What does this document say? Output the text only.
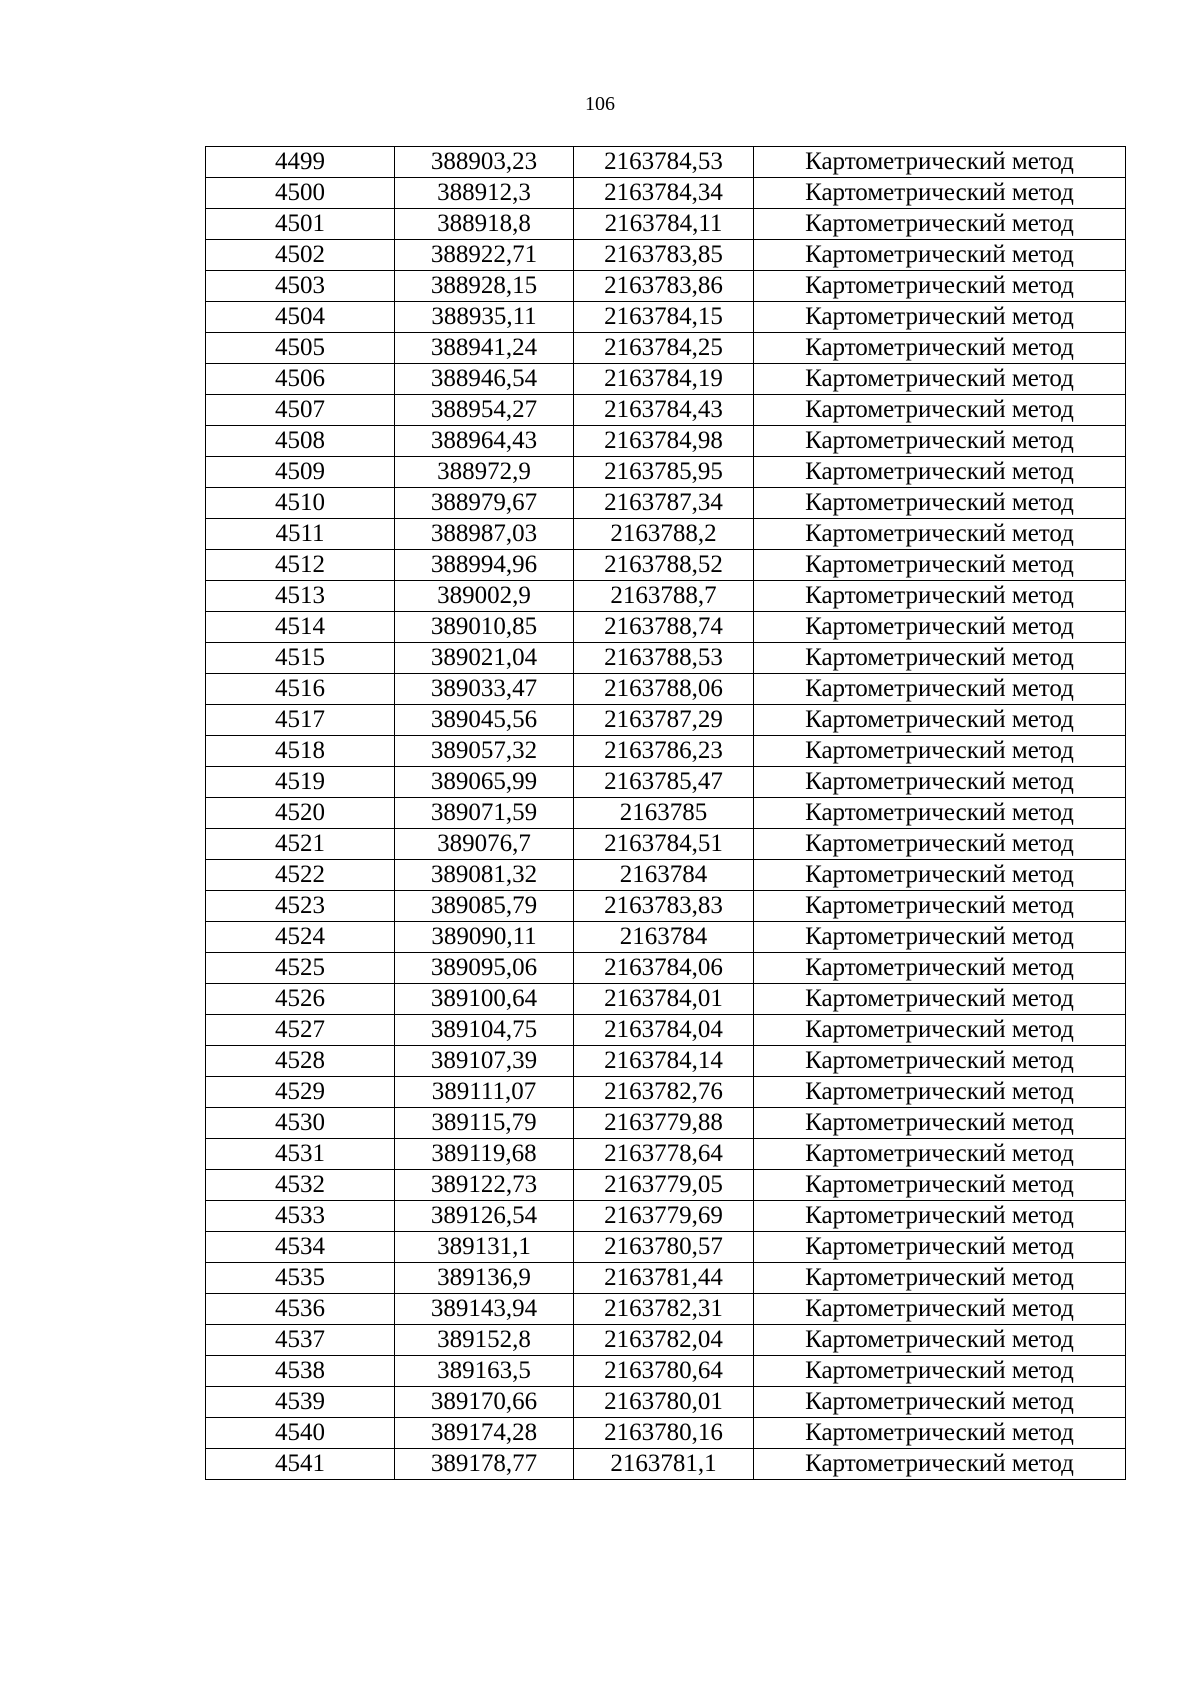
106
4499	388903,23	2163784,53	Картометрический метод
4500	388912,3	2163784,34	Картометрический метод
4501	388918,8	2163784,11	Картометрический метод
4502	388922,71	2163783,85	Картометрический метод
4503	388928,15	2163783,86	Картометрический метод
4504	388935,11	2163784,15	Картометрический метод
4505	388941,24	2163784,25	Картометрический метод
4506	388946,54	2163784,19	Картометрический метод
4507	388954,27	2163784,43	Картометрический метод
4508	388964,43	2163784,98	Картометрический метод
4509	388972,9	2163785,95	Картометрический метод
4510	388979,67	2163787,34	Картометрический метод
4511	388987,03	2163788,2	Картометрический метод
4512	388994,96	2163788,52	Картометрический метод
4513	389002,9	2163788,7	Картометрический метод
4514	389010,85	2163788,74	Картометрический метод
4515	389021,04	2163788,53	Картометрический метод
4516	389033,47	2163788,06	Картометрический метод
4517	389045,56	2163787,29	Картометрический метод
4518	389057,32	2163786,23	Картометрический метод
4519	389065,99	2163785,47	Картометрический метод
4520	389071,59	2163785	Картометрический метод
4521	389076,7	2163784,51	Картометрический метод
4522	389081,32	2163784	Картометрический метод
4523	389085,79	2163783,83	Картометрический метод
4524	389090,11	2163784	Картометрический метод
4525	389095,06	2163784,06	Картометрический метод
4526	389100,64	2163784,01	Картометрический метод
4527	389104,75	2163784,04	Картометрический метод
4528	389107,39	2163784,14	Картометрический метод
4529	389111,07	2163782,76	Картометрический метод
4530	389115,79	2163779,88	Картометрический метод
4531	389119,68	2163778,64	Картометрический метод
4532	389122,73	2163779,05	Картометрический метод
4533	389126,54	2163779,69	Картометрический метод
4534	389131,1	2163780,57	Картометрический метод
4535	389136,9	2163781,44	Картометрический метод
4536	389143,94	2163782,31	Картометрический метод
4537	389152,8	2163782,04	Картометрический метод
4538	389163,5	2163780,64	Картометрический метод
4539	389170,66	2163780,01	Картометрический метод
4540	389174,28	2163780,16	Картометрический метод
4541	389178,77	2163781,1	Картометрический метод
